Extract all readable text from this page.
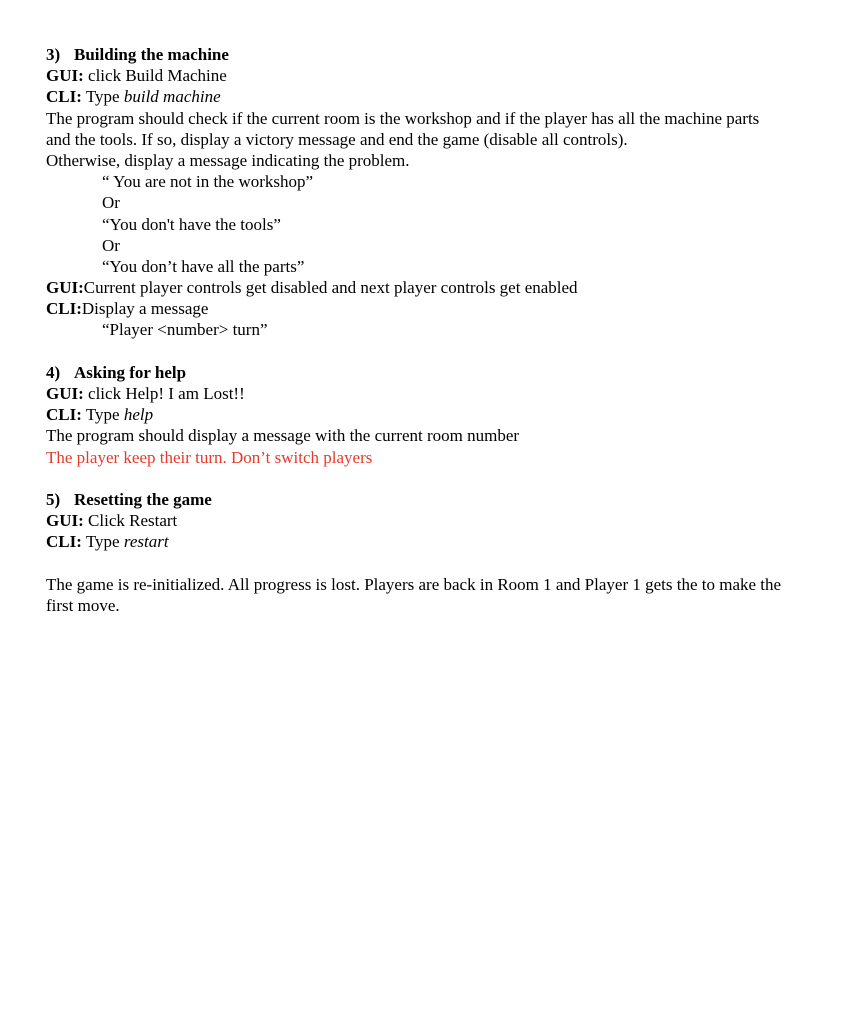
3) Building the machine
GUI: click Build Machine
CLI: Type build machine
The program should check if the current room is the workshop and if the player has all the machine parts and the tools. If so, display a victory message and end the game (disable all controls).
Otherwise, display a message indicating the problem.
“ You are not in the workshop”
Or
“You don't have the tools”
Or
“You don’t have all the parts”
GUI:Current player controls get disabled and next player controls get enabled
CLI:Display a message
“Player <number> turn”
4) Asking for help
GUI: click Help! I am Lost!!
CLI: Type help
The program should display a message with the current room number
The player keep their turn. Don’t switch players
5) Resetting the game
GUI: Click Restart
CLI: Type restart
The game is re-initialized. All progress is lost. Players are back in Room 1 and Player 1 gets the to make the first move.
